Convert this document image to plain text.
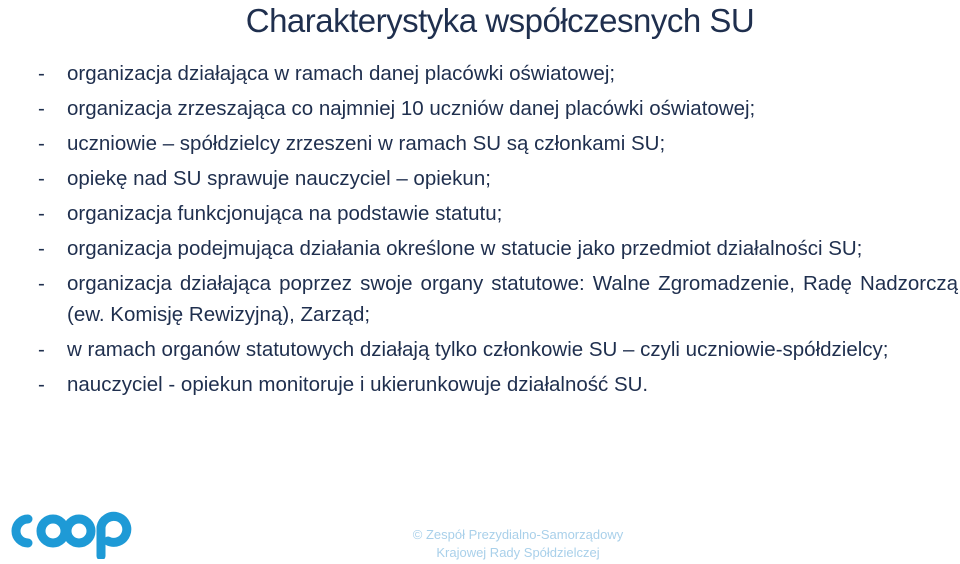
Charakterystyka współczesnych SU
- organizacja działająca w ramach danej placówki oświatowej;
- organizacja zrzeszająca co najmniej 10 uczniów danej placówki oświatowej;
- uczniowie – spółdzielcy zrzeszeni w ramach SU są członkami SU;
- opiekę nad SU sprawuje nauczyciel – opiekun;
- organizacja funkcjonująca na podstawie statutu;
- organizacja podejmująca działania określone w statucie jako przedmiot działalności SU;
- organizacja działająca poprzez swoje organy statutowe: Walne Zgromadzenie, Radę Nadzorczą (ew. Komisję Rewizyjną), Zarząd;
- w ramach organów statutowych działają tylko członkowie SU – czyli uczniowie-spółdzielcy;
- nauczyciel - opiekun monitoruje i ukierunkowuje działalność SU.
© Zespół Prezydialno-Samorządowy
Krajowej Rady Spółdzielczej
